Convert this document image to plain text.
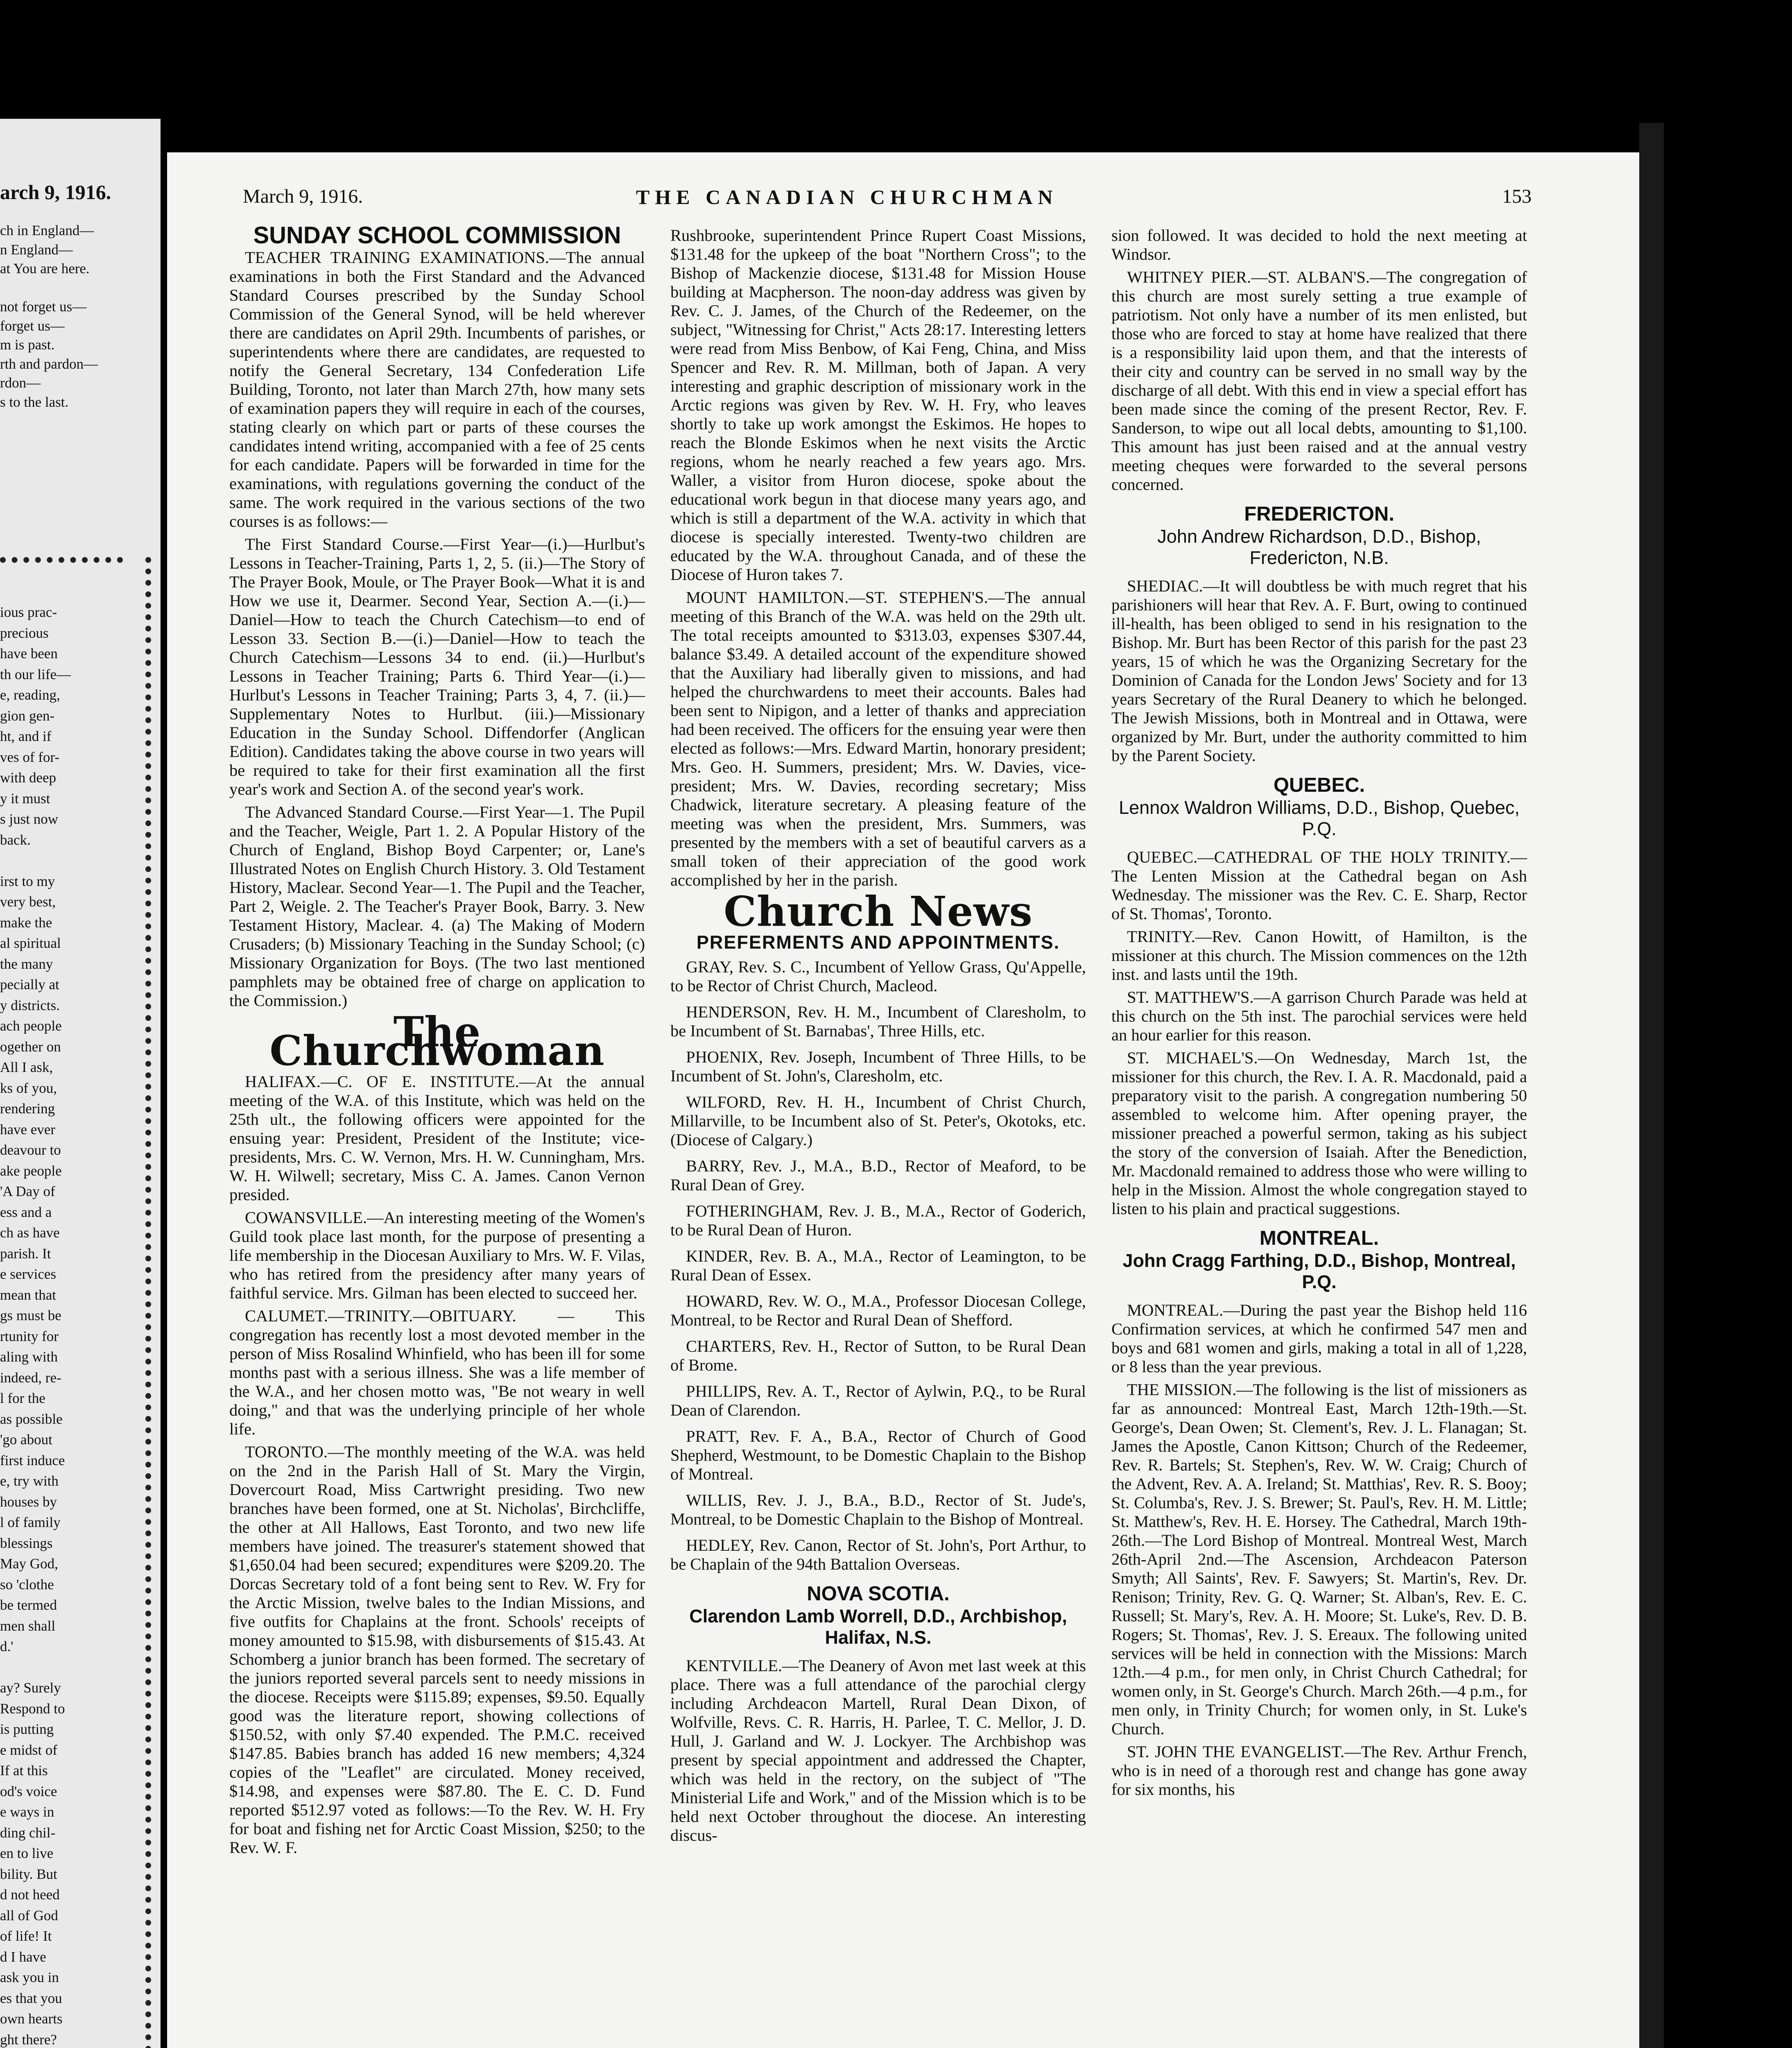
arch 9, 1916.

ch in England—

n England—

at You are here.

not forget us—

forget us—

m is past.

rth and pardon—

rdon—

s to the last.

ious prac-

precious

have been

th our life—

e, reading,

gion gen-

ht, and if

ves of for-

with deep

y it must

s just now

back.

irst to my

very best,

make the

al spiritual

the many

pecially at

y districts.

ach people

ogether on

All I ask,

ks of you,

rendering

have ever

deavour to

ake people

'A Day of

ess and a

ch as have

parish. It

e services

mean that

gs must be

rtunity for

aling with

indeed, re-

l for the

as possible

'go about

first induce

e, try with

houses by

l of family

blessings

May God,

so 'clothe

be termed

men shall

d.'

ay? Surely

Respond to

is putting

e midst of

If at this

od's voice

e ways in

ding chil-

en to live

bility. But

d not heed

all of God

of life! It

d I have

ask you in

es that you

own hearts

ght there?

March 9, 1916.	THE CANADIAN CHURCHMAN	153
SUNDAY SCHOOL COMMISSION

TEACHER TRAINING EXAMINATIONS.—The annual examinations in both the First Standard and the Advanced Standard Courses prescribed by the Sunday School Commission of the General Synod, will be held wherever there are candidates on April 29th. Incumbents of parishes, or superintendents where there are candidates, are requested to notify the General Secretary, 134 Confederation Life Building, Toronto, not later than March 27th, how many sets of examination papers they will require in each of the courses, stating clearly on which part or parts of these courses the candidates intend writing, accompanied with a fee of 25 cents for each candidate. Papers will be forwarded in time for the examinations, with regulations governing the conduct of the same. The work required in the various sections of the two courses is as follows:—

The First Standard Course.—First Year—(i.)—Hurlbut's Lessons in Teacher-Training, Parts 1, 2, 5. (ii.)—The Story of The Prayer Book, Moule, or The Prayer Book—What it is and How we use it, Dearmer. Second Year, Section A.—(i.)—Daniel—How to teach the Church Catechism—to end of Lesson 33. Section B.—(i.)—Daniel—How to teach the Church Catechism—Lessons 34 to end. (ii.)—Hurlbut's Lessons in Teacher Training; Parts 6. Third Year—(i.)—Hurlbut's Lessons in Teacher Training; Parts 3, 4, 7. (ii.)—Supplementary Notes to Hurlbut. (iii.)—Missionary Education in the Sunday School. Diffendorfer (Anglican Edition). Candidates taking the above course in two years will be required to take for their first examination all the first year's work and Section A. of the second year's work.

The Advanced Standard Course.—First Year—1. The Pupil and the Teacher, Weigle, Part 1. 2. A Popular History of the Church of England, Bishop Boyd Carpenter; or, Lane's Illustrated Notes on English Church History. 3. Old Testament History, Maclear. Second Year—1. The Pupil and the Teacher, Part 2, Weigle. 2. The Teacher's Prayer Book, Barry. 3. New Testament History, Maclear. 4. (a) The Making of Modern Crusaders; (b) Missionary Teaching in the Sunday School; (c) Missionary Organization for Boys. (The two last mentioned pamphlets may be obtained free of charge on application to the Commission.)

The Churchwoman

HALIFAX.—C. OF E. INSTITUTE.—At the annual meeting of the W.A. of this Institute, which was held on the 25th ult., the following officers were appointed for the ensuing year: President, President of the Institute; vice-presidents, Mrs. C. W. Vernon, Mrs. H. W. Cunningham, Mrs. W. H. Wilwell; secretary, Miss C. A. James. Canon Vernon presided.

COWANSVILLE.—An interesting meeting of the Women's Guild took place last month, for the purpose of presenting a life membership in the Diocesan Auxiliary to Mrs. W. F. Vilas, who has retired from the presidency after many years of faithful service. Mrs. Gilman has been elected to succeed her.

CALUMET.—TRINITY.—OBITUARY. — This congregation has recently lost a most devoted member in the person of Miss Rosalind Whinfield, who has been ill for some months past with a serious illness. She was a life member of the W.A., and her chosen motto was, "Be not weary in well doing," and that was the underlying principle of her whole life.

TORONTO.—The monthly meeting of the W.A. was held on the 2nd in the Parish Hall of St. Mary the Virgin, Dovercourt Road, Miss Cartwright presiding. Two new branches have been formed, one at St. Nicholas', Birchcliffe, the other at All Hallows, East Toronto, and two new life members have joined. The treasurer's statement showed that $1,650.04 had been secured; expenditures were $209.20. The Dorcas Secretary told of a font being sent to Rev. W. Fry for the Arctic Mission, twelve bales to the Indian Missions, and five outfits for Chaplains at the front. Schools' receipts of money amounted to $15.98, with disbursements of $15.43. At Schomberg a junior branch has been formed. The secretary of the juniors reported several parcels sent to needy missions in the diocese. Receipts were $115.89; expenses, $9.50. Equally good was the literature report, showing collections of $150.52, with only $7.40 expended. The P.M.C. received $147.85. Babies branch has added 16 new members; 4,324 copies of the "Leaflet" are circulated. Money received, $14.98, and expenses were $87.80. The E. C. D. Fund reported $512.97 voted as follows:—To the Rev. W. H. Fry for boat and fishing net for Arctic Coast Mission, $250; to the Rev. W. F.

Rushbrooke, superintendent Prince Rupert Coast Missions, $131.48 for the upkeep of the boat "Northern Cross"; to the Bishop of Mackenzie diocese, $131.48 for Mission House building at Macpherson. The noon-day address was given by Rev. C. J. James, of the Church of the Redeemer, on the subject, "Witnessing for Christ," Acts 28:17. Interesting letters were read from Miss Benbow, of Kai Feng, China, and Miss Spencer and Rev. R. M. Millman, both of Japan. A very interesting and graphic description of missionary work in the Arctic regions was given by Rev. W. H. Fry, who leaves shortly to take up work amongst the Eskimos. He hopes to reach the Blonde Eskimos when he next visits the Arctic regions, whom he nearly reached a few years ago. Mrs. Waller, a visitor from Huron diocese, spoke about the educational work begun in that diocese many years ago, and which is still a department of the W.A. activity in which that diocese is specially interested. Twenty-two children are educated by the W.A. throughout Canada, and of these the Diocese of Huron takes 7.

MOUNT HAMILTON.—ST. STEPHEN'S.—The annual meeting of this Branch of the W.A. was held on the 29th ult. The total receipts amounted to $313.03, expenses $307.44, balance $3.49. A detailed account of the expenditure showed that the Auxiliary had liberally given to missions, and had helped the churchwardens to meet their accounts. Bales had been sent to Nipigon, and a letter of thanks and appreciation had been received. The officers for the ensuing year were then elected as follows:—Mrs. Edward Martin, honorary president; Mrs. Geo. H. Summers, president; Mrs. W. Davies, vice-president; Mrs. W. Davies, recording secretary; Miss Chadwick, literature secretary. A pleasing feature of the meeting was when the president, Mrs. Summers, was presented by the members with a set of beautiful carvers as a small token of their appreciation of the good work accomplished by her in the parish.

Church News
PREFERMENTS AND APPOINTMENTS.

GRAY, Rev. S. C., Incumbent of Yellow Grass, Qu'Appelle, to be Rector of Christ Church, Macleod.

HENDERSON, Rev. H. M., Incumbent of Claresholm, to be Incumbent of St. Barnabas', Three Hills, etc.

PHOENIX, Rev. Joseph, Incumbent of Three Hills, to be Incumbent of St. John's, Claresholm, etc.

WILFORD, Rev. H. H., Incumbent of Christ Church, Millarville, to be Incumbent also of St. Peter's, Okotoks, etc. (Diocese of Calgary.)

BARRY, Rev. J., M.A., B.D., Rector of Meaford, to be Rural Dean of Grey.

FOTHERINGHAM, Rev. J. B., M.A., Rector of Goderich, to be Rural Dean of Huron.

KINDER, Rev. B. A., M.A., Rector of Leamington, to be Rural Dean of Essex.

HOWARD, Rev. W. O., M.A., Professor Diocesan College, Montreal, to be Rector and Rural Dean of Shefford.

CHARTERS, Rev. H., Rector of Sutton, to be Rural Dean of Brome.

PHILLIPS, Rev. A. T., Rector of Aylwin, P.Q., to be Rural Dean of Clarendon.

PRATT, Rev. F. A., B.A., Rector of Church of Good Shepherd, Westmount, to be Domestic Chaplain to the Bishop of Montreal.

WILLIS, Rev. J. J., B.A., B.D., Rector of St. Jude's, Montreal, to be Domestic Chaplain to the Bishop of Montreal.

HEDLEY, Rev. Canon, Rector of St. John's, Port Arthur, to be Chaplain of the 94th Battalion Overseas.

NOVA SCOTIA.
Clarendon Lamb Worrell, D.D., Archbishop, Halifax, N.S.

KENTVILLE.—The Deanery of Avon met last week at this place. There was a full attendance of the parochial clergy including Archdeacon Martell, Rural Dean Dixon, of Wolfville, Revs. C. R. Harris, H. Parlee, T. C. Mellor, J. D. Hull, J. Garland and W. J. Lockyer. The Archbishop was present by special appointment and addressed the Chapter, which was held in the rectory, on the subject of "The Ministerial Life and Work," and of the Mission which is to be held next October throughout the diocese. An interesting discus-

sion followed. It was decided to hold the next meeting at Windsor.

WHITNEY PIER.—ST. ALBAN'S.—The congregation of this church are most surely setting a true example of patriotism. Not only have a number of its men enlisted, but those who are forced to stay at home have realized that there is a responsibility laid upon them, and that the interests of their city and country can be served in no small way by the discharge of all debt. With this end in view a special effort has been made since the coming of the present Rector, Rev. F. Sanderson, to wipe out all local debts, amounting to $1,100. This amount has just been raised and at the annual vestry meeting cheques were forwarded to the several persons concerned.

FREDERICTON.
John Andrew Richardson, D.D., Bishop, Fredericton, N.B.

SHEDIAC.—It will doubtless be with much regret that his parishioners will hear that Rev. A. F. Burt, owing to continued ill-health, has been obliged to send in his resignation to the Bishop. Mr. Burt has been Rector of this parish for the past 23 years, 15 of which he was the Organizing Secretary for the Dominion of Canada for the London Jews' Society and for 13 years Secretary of the Rural Deanery to which he belonged. The Jewish Missions, both in Montreal and in Ottawa, were organized by Mr. Burt, under the authority committed to him by the Parent Society.

QUEBEC.
Lennox Waldron Williams, D.D., Bishop, Quebec, P.Q.

QUEBEC.—CATHEDRAL OF THE HOLY TRINITY.—The Lenten Mission at the Cathedral began on Ash Wednesday. The missioner was the Rev. C. E. Sharp, Rector of St. Thomas', Toronto.

TRINITY.—Rev. Canon Howitt, of Hamilton, is the missioner at this church. The Mission commences on the 12th inst. and lasts until the 19th.

ST. MATTHEW'S.—A garrison Church Parade was held at this church on the 5th inst. The parochial services were held an hour earlier for this reason.

ST. MICHAEL'S.—On Wednesday, March 1st, the missioner for this church, the Rev. I. A. R. Macdonald, paid a preparatory visit to the parish. A congregation numbering 50 assembled to welcome him. After opening prayer, the missioner preached a powerful sermon, taking as his subject the story of the conversion of Isaiah. After the Benediction, Mr. Macdonald remained to address those who were willing to help in the Mission. Almost the whole congregation stayed to listen to his plain and practical suggestions.

MONTREAL.
John Cragg Farthing, D.D., Bishop, Montreal, P.Q.

MONTREAL.—During the past year the Bishop held 116 Confirmation services, at which he confirmed 547 men and boys and 681 women and girls, making a total in all of 1,228, or 8 less than the year previous.

THE MISSION.—The following is the list of missioners as far as announced: Montreal East, March 12th-19th.—St. George's, Dean Owen; St. Clement's, Rev. J. L. Flanagan; St. James the Apostle, Canon Kittson; Church of the Redeemer, Rev. R. Bartels; St. Stephen's, Rev. W. W. Craig; Church of the Advent, Rev. A. A. Ireland; St. Matthias', Rev. R. S. Booy; St. Columba's, Rev. J. S. Brewer; St. Paul's, Rev. H. M. Little; St. Matthew's, Rev. H. E. Horsey. The Cathedral, March 19th-26th.—The Lord Bishop of Montreal. Montreal West, March 26th-April 2nd.—The Ascension, Archdeacon Paterson Smyth; All Saints', Rev. F. Sawyers; St. Martin's, Rev. Dr. Renison; Trinity, Rev. G. Q. Warner; St. Alban's, Rev. E. C. Russell; St. Mary's, Rev. A. H. Moore; St. Luke's, Rev. D. B. Rogers; St. Thomas', Rev. J. S. Ereaux. The following united services will be held in connection with the Missions: March 12th.—4 p.m., for men only, in Christ Church Cathedral; for women only, in St. George's Church. March 26th.—4 p.m., for men only, in Trinity Church; for women only, in St. Luke's Church.

ST. JOHN THE EVANGELIST.—The Rev. Arthur French, who is in need of a thorough rest and change has gone away for six months, his
